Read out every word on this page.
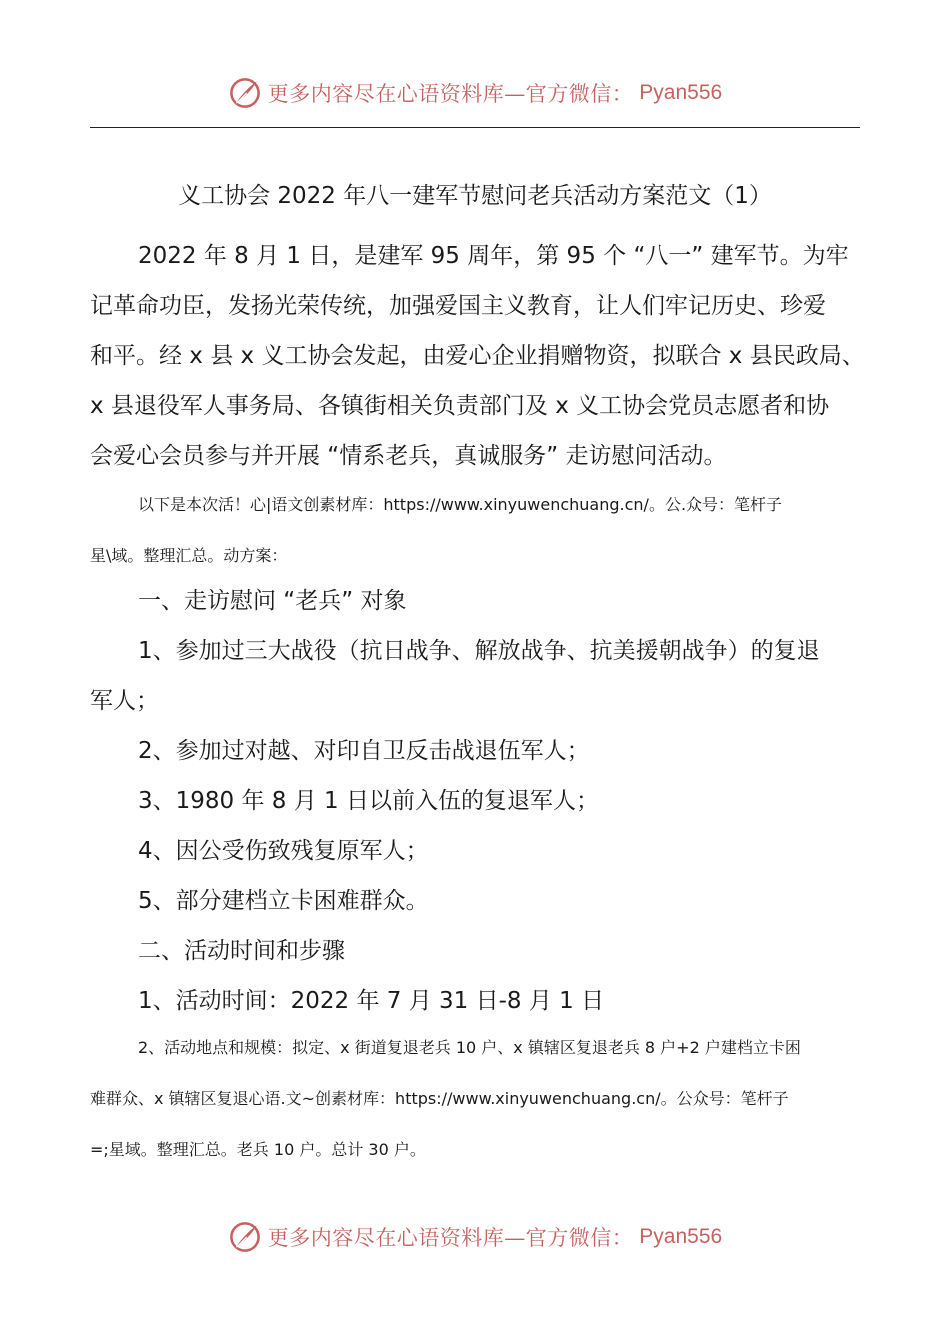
更多内容尽在心语资料库—官方微信： Pyan556
义工协会 2022 年八一建军节慰问老兵活动方案范文（1）
2022 年 8 月 1 日，是建军 95 周年，第 95 个 “八一” 建军节。为牢
记革命功臣，发扬光荣传统，加强爱国主义教育，让人们牢记历史、珍爱
和平。经 x 县 x 义工协会发起，由爱心企业捐赠物资，拟联合 x 县民政局、
x 县退役军人事务局、各镇街相关负责部门及 x 义工协会党员志愿者和协
会爱心会员参与并开展 “情系老兵，真诚服务” 走访慰问活动。
以下是本次活！心|语文创素材库：https://www.xinyuwenchuang.cn/。公.众号：笔杆子
星\域。整理汇总。动方案：
一、走访慰问 “老兵” 对象
1、参加过三大战役（抗日战争、解放战争、抗美援朝战争）的复退
军人；
2、参加过对越、对印自卫反击战退伍军人；
3、1980 年 8 月 1 日以前入伍的复退军人；
4、因公受伤致残复原军人；
5、部分建档立卡困难群众。
二、活动时间和步骤
1、活动时间：2022 年 7 月 31 日-8 月 1 日
2、活动地点和规模：拟定、x 街道复退老兵 10 户、x 镇辖区复退老兵 8 户+2 户建档立卡困
难群众、x 镇辖区复退心语.文~创素材库：https://www.xinyuwenchuang.cn/。公众号：笔杆子
=;星域。整理汇总。老兵 10 户。总计 30 户。
更多内容尽在心语资料库—官方微信： Pyan556
